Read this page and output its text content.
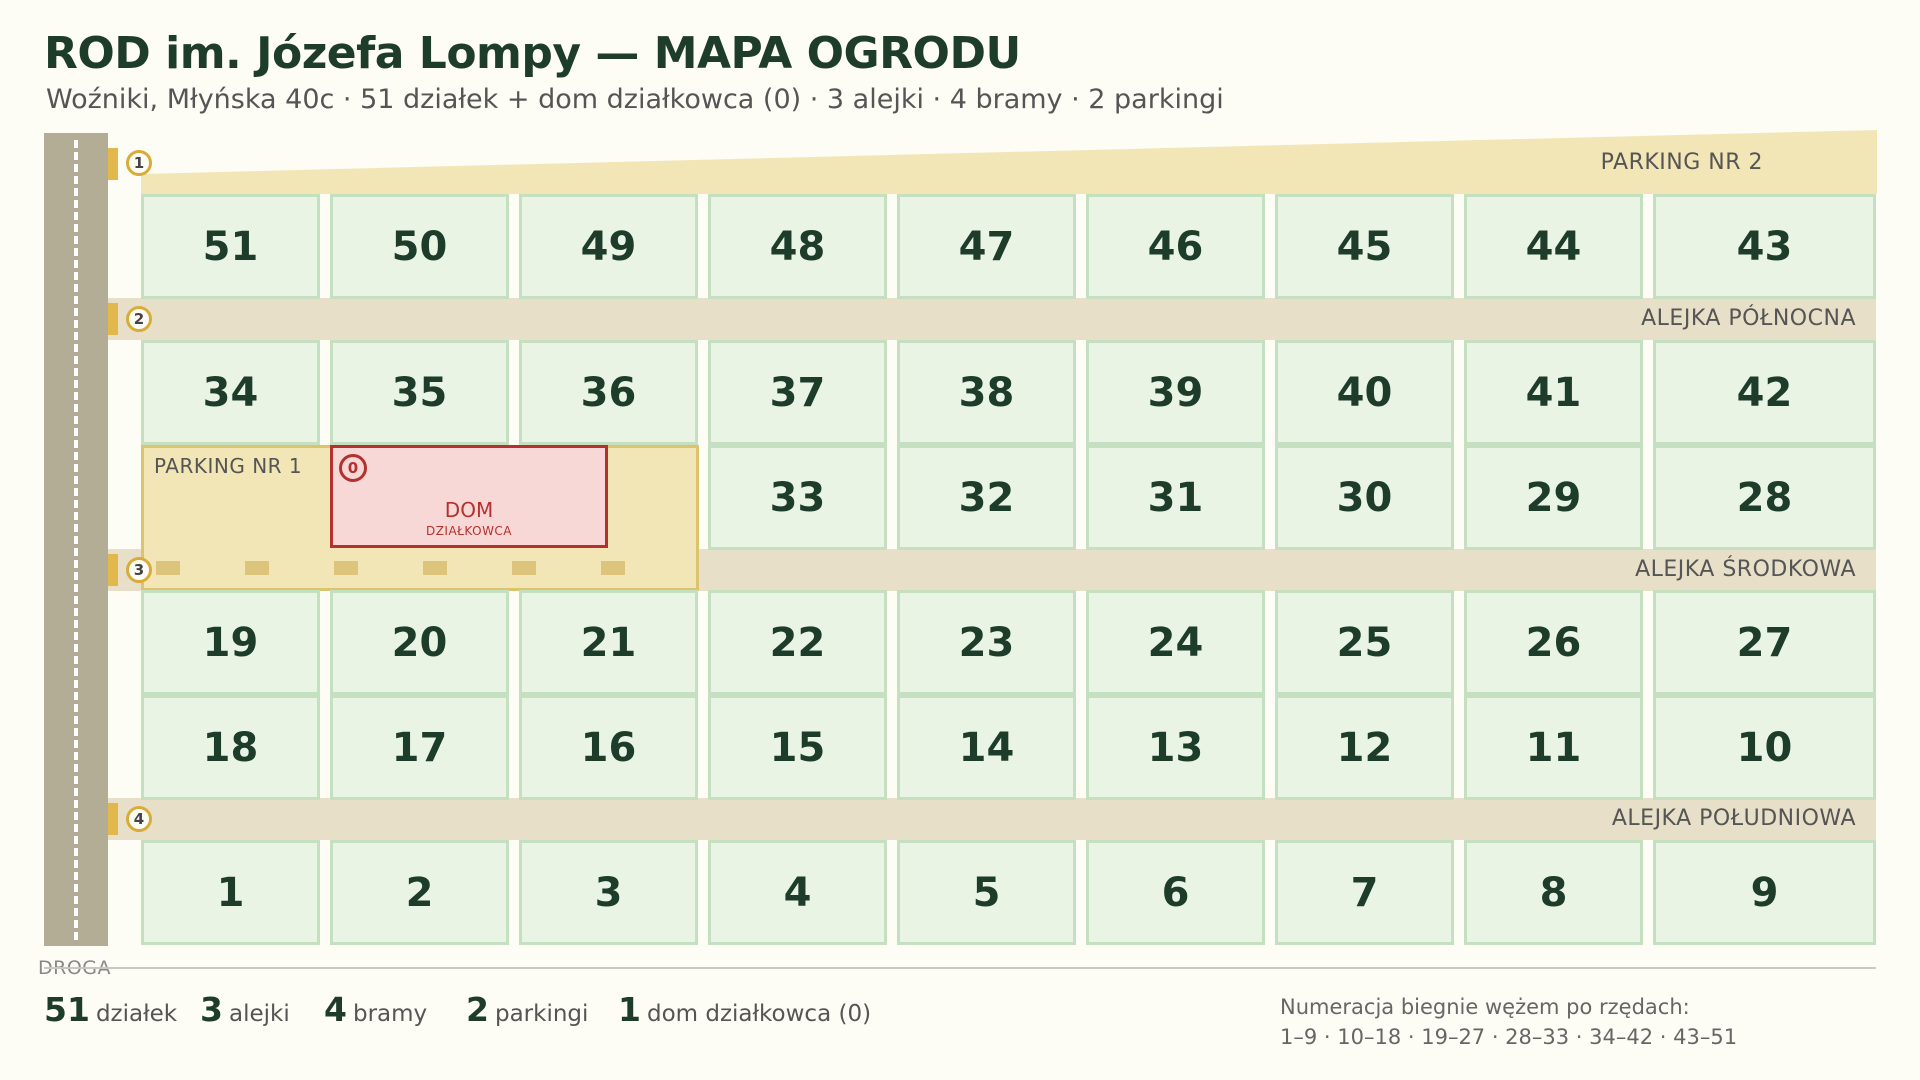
ROD im. Józefa Lompy — MAPA OGRODU
Woźniki, Młyńska 40c · 51 działek + dom działkowca (0) · 3 alejki · 4 bramy · 2 parkingi
PARKING NR 2
ALEJKA PÓŁNOCNA
ALEJKA ŚRODKOWA
ALEJKA POŁUDNIOWA
PARKING NR 1	0
DOM
DZIAŁKOWCA
1
2
3
4
51	50	49	48	47	46	45	44	43
34	35	36	37	38	39	40	41	42
33	32	31	30	29	28
19	20	21	22	23	24	25	26	27
18	17	16	15	14	13	12	11	10
1	2	3	4	5	6	7	8	9
DROGA
51 działek 3 alejki 4 bramy 2 parkingi 1 dom działkowca (0)	Numeracja biegnie wężem po rzędach:
1–9 · 10–18 · 19–27 · 28–33 · 34–42 · 43–51
